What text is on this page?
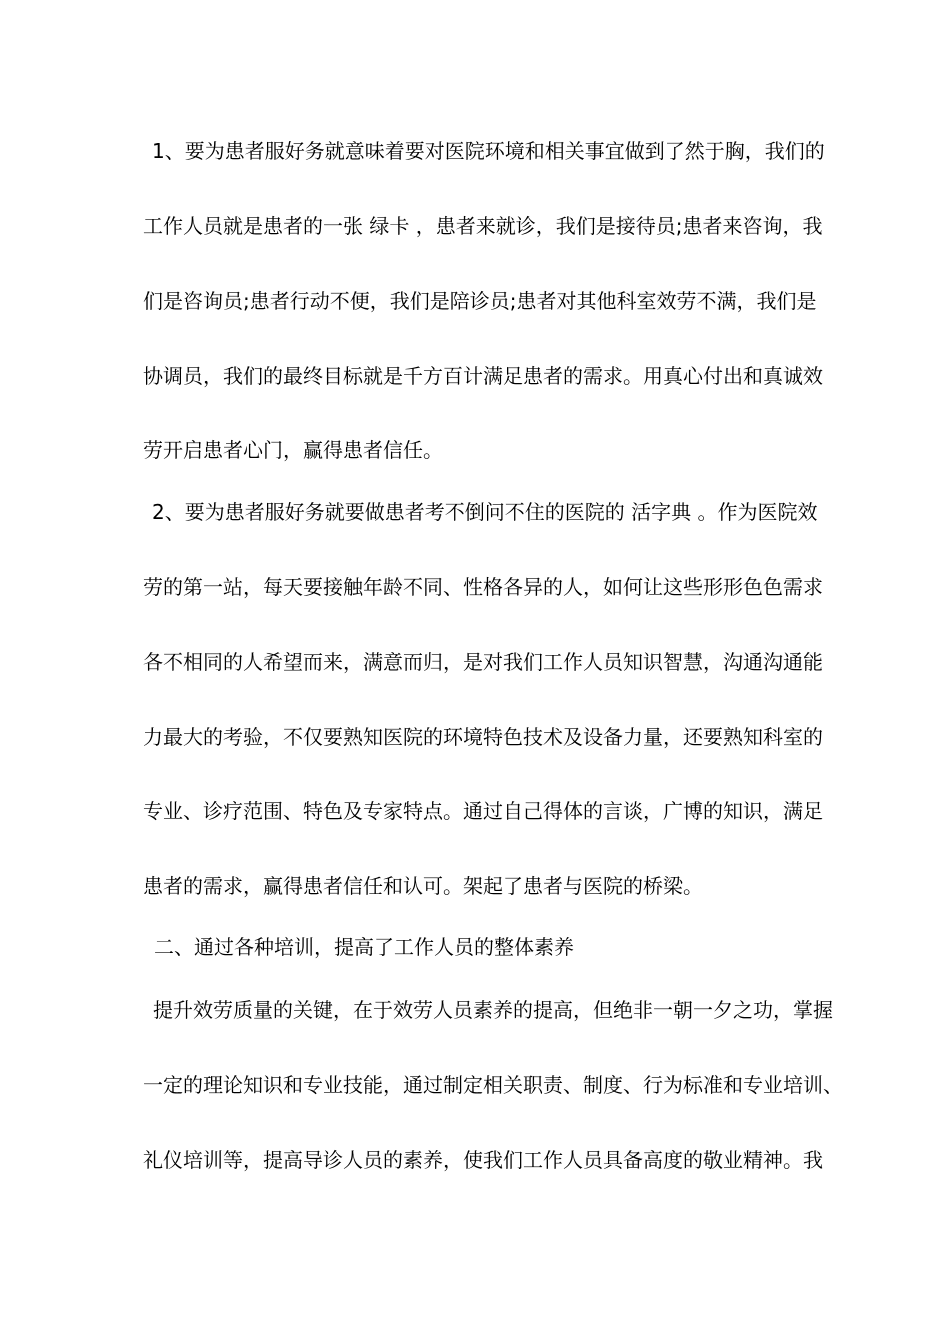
1、要为患者服好务就意味着要对医院环境和相关事宜做到了然于胸，我们的
工作人员就是患者的一张 绿卡 ，患者来就诊，我们是接待员;患者来咨询，我
们是咨询员;患者行动不便，我们是陪诊员;患者对其他科室效劳不满，我们是
协调员，我们的最终目标就是千方百计满足患者的需求。用真心付出和真诚效
劳开启患者心门，赢得患者信任。
2、要为患者服好务就要做患者考不倒问不住的医院的 活字典 。作为医院效
劳的第一站，每天要接触年龄不同、性格各异的人，如何让这些形形色色需求
各不相同的人希望而来，满意而归，是对我们工作人员知识智慧，沟通沟通能
力最大的考验，不仅要熟知医院的环境特色技术及设备力量，还要熟知科室的
专业、诊疗范围、特色及专家特点。通过自己得体的言谈，广博的知识，满足
患者的需求，赢得患者信任和认可。架起了患者与医院的桥梁。
二、通过各种培训，提高了工作人员的整体素养
提升效劳质量的关键，在于效劳人员素养的提高，但绝非一朝一夕之功，掌握
一定的理论知识和专业技能，通过制定相关职责、制度、行为标准和专业培训、
礼仪培训等，提高导诊人员的素养，使我们工作人员具备高度的敬业精神。我
